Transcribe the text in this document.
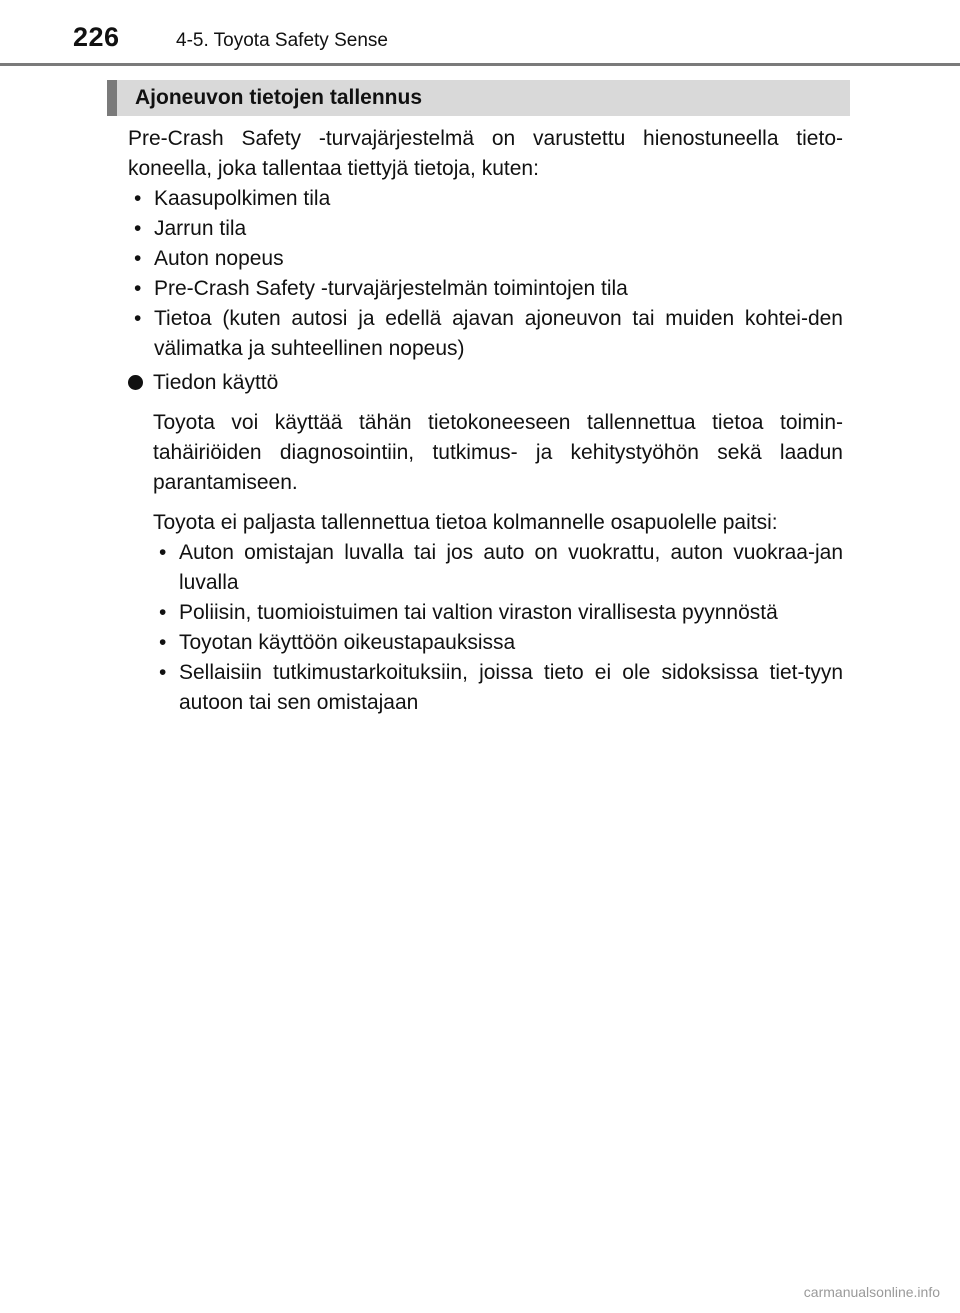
226	4-5. Toyota Safety Sense
Ajoneuvon tietojen tallennus

Pre-Crash Safety -turvajärjestelmä on varustettu hienostuneella tieto-koneella, joka tallentaa tiettyjä tietoja, kuten:

• Kaasupolkimen tila
• Jarrun tila
• Auton nopeus
• Pre-Crash Safety -turvajärjestelmän toimintojen tila
• Tietoa (kuten autosi ja edellä ajavan ajoneuvon tai muiden kohtei-den välimatka ja suhteellinen nopeus)
Tiedon käyttö

Toyota voi käyttää tähän tietokoneeseen tallennettua tietoa toimin-tahäiriöiden diagnosointiin, tutkimus- ja kehitystyöhön sekä laadun parantamiseen.

Toyota ei paljasta tallennettua tietoa kolmannelle osapuolelle paitsi:

• Auton omistajan luvalla tai jos auto on vuokrattu, auton vuokraa-jan luvalla
• Poliisin, tuomioistuimen tai valtion viraston virallisesta pyynnöstä
• Toyotan käyttöön oikeustapauksissa
• Sellaisiin tutkimustarkoituksiin, joissa tieto ei ole sidoksissa tiet-tyyn autoon tai sen omistajaan
carmanualsonline.info
